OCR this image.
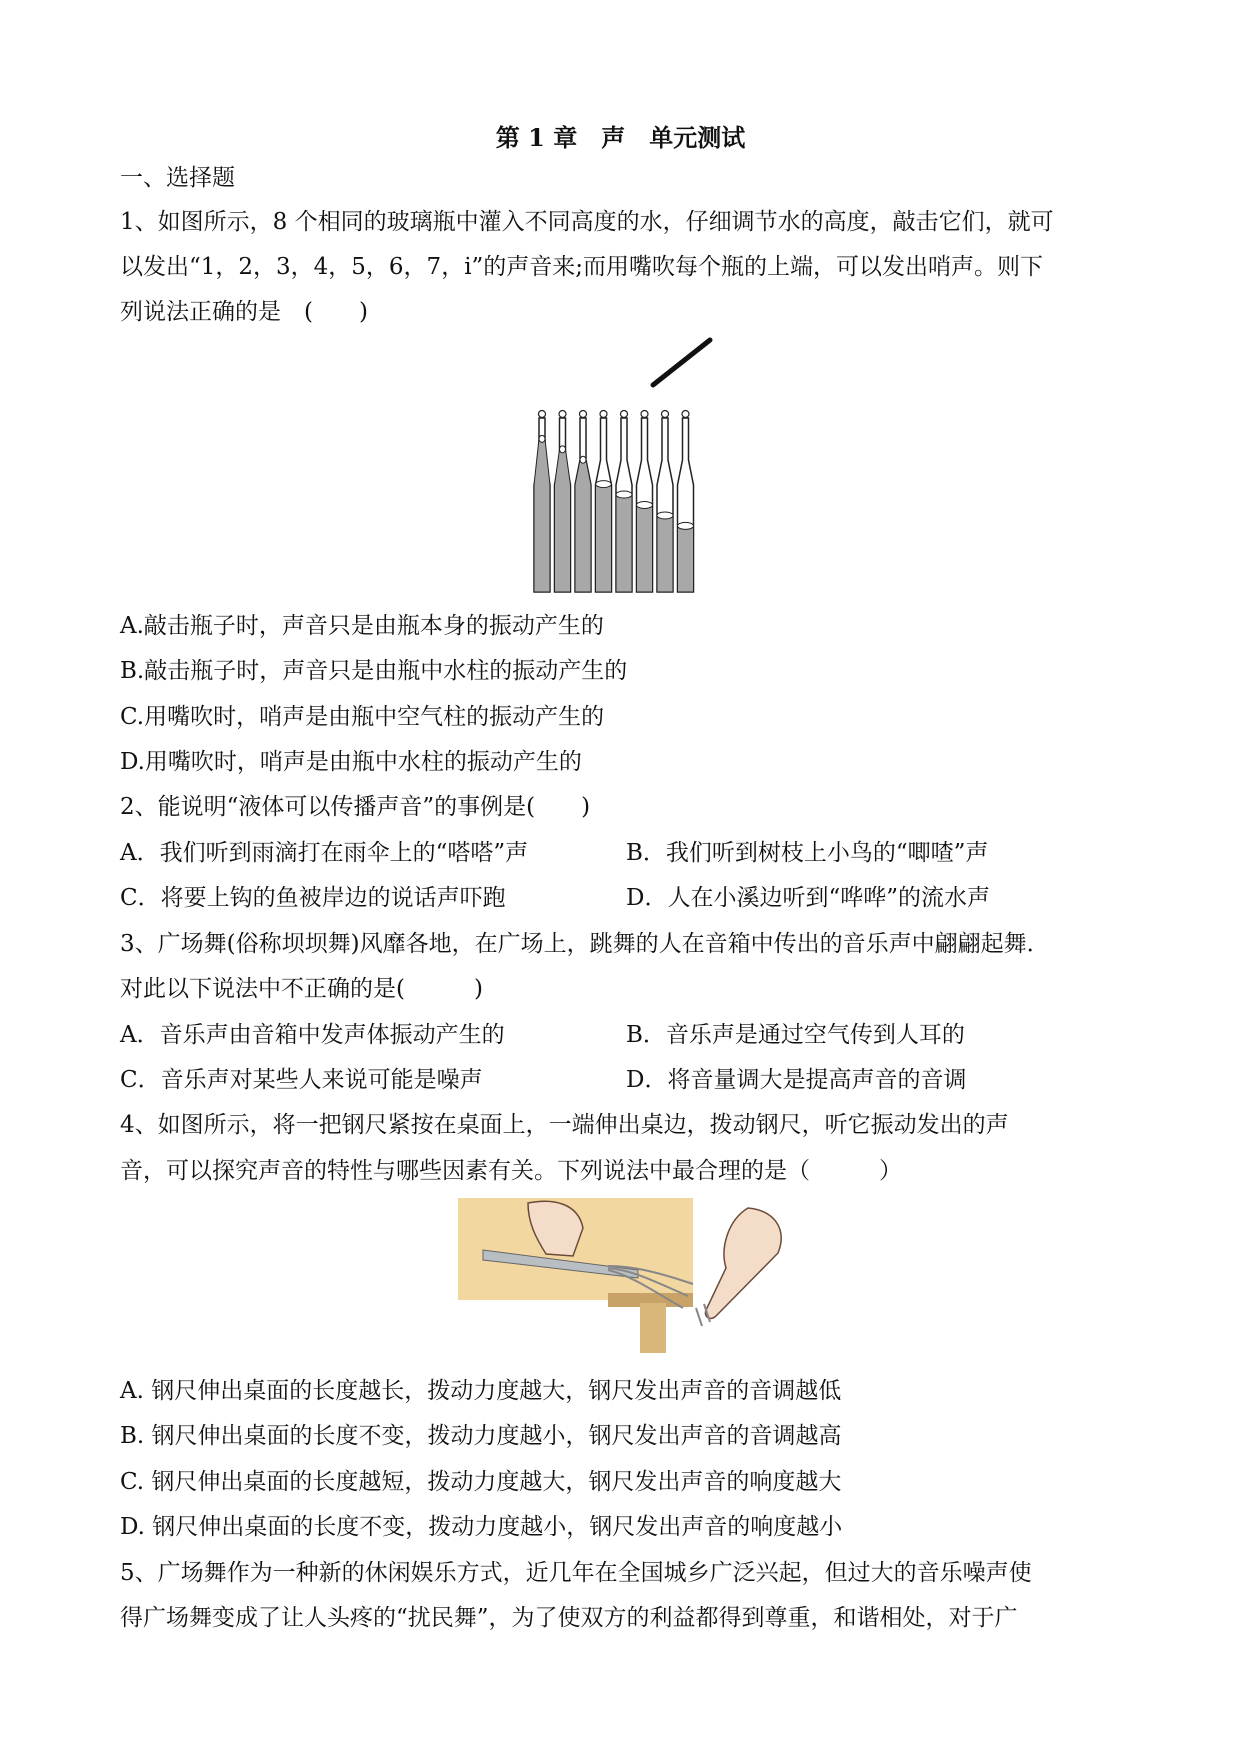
第 1 章　声　单元测试
一、选择题
1、如图所示，8 个相同的玻璃瓶中灌入不同高度的水，仔细调节水的高度，敲击它们，就可
以发出“1，2，3，4，5，6，7，i”的声音来;而用嘴吹每个瓶的上端，可以发出哨声。则下
列说法正确的是　(　　)
A.敲击瓶子时，声音只是由瓶本身的振动产生的
B.敲击瓶子时，声音只是由瓶中水柱的振动产生的
C.用嘴吹时，哨声是由瓶中空气柱的振动产生的
D.用嘴吹时，哨声是由瓶中水柱的振动产生的
2、能说明“液体可以传播声音”的事例是(　　)
A．我们听到雨滴打在雨伞上的“嗒嗒”声	B．我们听到树枝上小鸟的“唧喳”声
C．将要上钩的鱼被岸边的说话声吓跑	D．人在小溪边听到“哗哗”的流水声
3、广场舞(俗称坝坝舞)风靡各地，在广场上，跳舞的人在音箱中传出的音乐声中翩翩起舞．
对此以下说法中不正确的是(　　　)
A．音乐声由音箱中发声体振动产生的	B．音乐声是通过空气传到人耳的
C．音乐声对某些人来说可能是噪声	D．将音量调大是提高声音的音调
4、如图所示，将一把钢尺紧按在桌面上，一端伸出桌边，拨动钢尺，听它振动发出的声
音，可以探究声音的特性与哪些因素有关。下列说法中最合理的是（　　　）
A. 钢尺伸出桌面的长度越长，拨动力度越大，钢尺发出声音的音调越低
B. 钢尺伸出桌面的长度不变，拨动力度越小，钢尺发出声音的音调越高
C. 钢尺伸出桌面的长度越短，拨动力度越大，钢尺发出声音的响度越大
D. 钢尺伸出桌面的长度不变，拨动力度越小，钢尺发出声音的响度越小
5、广场舞作为一种新的休闲娱乐方式，近几年在全国城乡广泛兴起，但过大的音乐噪声使
得广场舞变成了让人头疼的“扰民舞”，为了使双方的利益都得到尊重，和谐相处，对于广
